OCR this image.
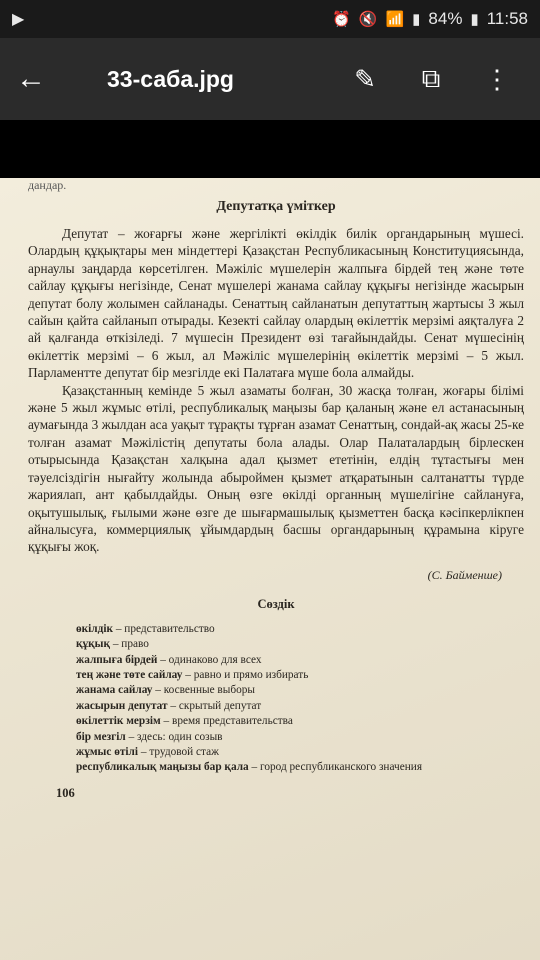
▶	⏰ 🔇 📶 ▮ 84% ▮ 11:58
←	33-саба.jpg	✎	⧉	⋮
дандар.
Депутатқа үміткер

Депутат – жоғарғы және жергілікті өкілдік билік органдарының мүшесі. Олардың құқықтары мен міндеттері Қазақстан Республикасының Конституциясында, арнаулы заңдарда көрсетілген. Мәжіліс мүшелерін жалпыға бірдей тең және төте сайлау құқығы негізінде, Сенат мүшелері жанама сайлау құқығы негізінде жасырын депутат болу жолымен сайланады. Сенаттың сайланатын депутаттың жартысы 3 жыл сайын қайта сайланып отырады. Кезекті сайлау олардың өкілеттік мерзімі аяқталуға 2 ай қалғанда өткізіледі. 7 мүшесін Президент өзі тағайындайды. Сенат мүшесінің өкілеттік мерзімі – 6 жыл, ал Мәжіліс мүшелерінің өкілеттік мерзімі – 5 жыл. Парламентте депутат бір мезгілде екі Палатаға мүше бола алмайды.

Қазақстанның кемінде 5 жыл азаматы болған, 30 жасқа толған, жоғары білімі және 5 жыл жұмыс өтілі, республикалық маңызы бар қаланың және ел астанасының аумағында 3 жылдан аса уақыт тұрақты тұрған азамат Сенаттың, сондай-ақ жасы 25-ке толған азамат Мәжілістің депутаты бола алады. Олар Палаталардың бірлескен отырысында Қазақстан халқына адал қызмет ететінін, елдің тұтастығы мен тәуелсіздігін нығайту жолында абыроймен қызмет атқаратынын салтанатты түрде жариялап, ант қабылдайды. Оның өзге өкілді органның мүшелігіне сайлануға, оқытушылық, ғылыми және өзге де шығармашылық қызметтен басқа кәсіпкерлікпен айналысуға, коммерциялық ұйымдардың басшы органдарының құрамына кіруге құқығы жоқ.

(С. Байменше)
Сөздік
өкілдік – представительство
құқық – право
жалпыға бірдей – одинаково для всех
тең және төте сайлау – равно и прямо избирать
жанама сайлау – косвенные выборы
жасырын депутат – скрытый депутат
өкілеттік мерзім – время представительства
бір мезгіл – здесь: один созыв
жұмыс өтілі – трудовой стаж
республикалық маңызы бар қала – город республиканского значения
106
